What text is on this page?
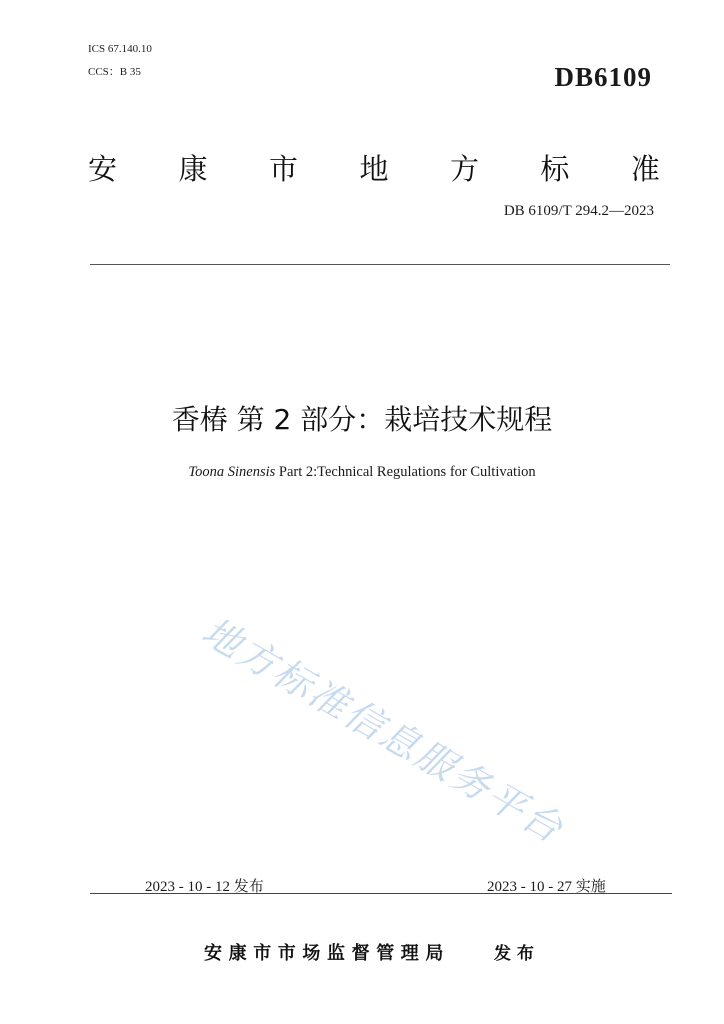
ICS 67.140.10
CCS：B 35	DB6109
安 康 市 地 方 标 准
DB 6109/T 294.2—2023
香椿 第 2 部分：栽培技术规程
Toona Sinensis Part 2:Technical Regulations for Cultivation
地方标准信息服务平台
2023 - 10 - 12 发布	2023 - 10 - 27 实施
安康市市场监督管理局	发 布
